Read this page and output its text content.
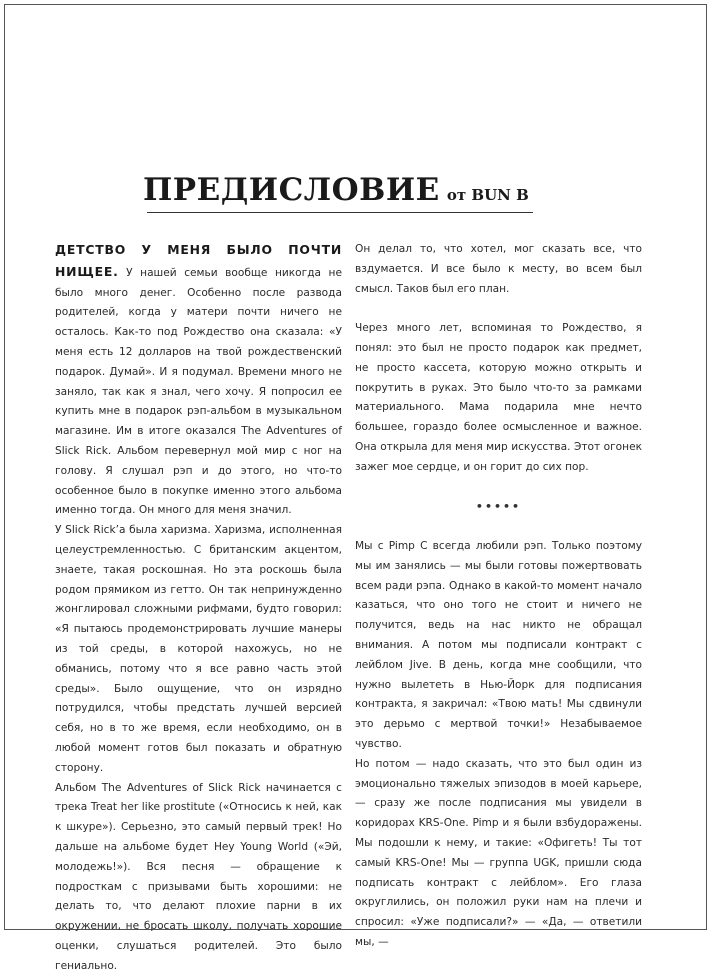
ПРЕДИСЛОВИЕ от BUN B

ДЕТСТВО У МЕНЯ БЫЛО ПОЧТИ НИЩЕЕ. У нашей семьи вообще никогда не было много денег. Особенно после развода родителей, когда у матери почти ничего не осталось. Как-то под Рождество она сказала: «У меня есть 12 долларов на твой рождественский подарок. Думай». И я подумал. Времени много не заняло, так как я знал, чего хочу. Я попросил ее купить мне в подарок рэп-альбом в музыкальном магазине. Им в итоге оказался The Adventures of Slick Rick. Альбом перевернул мой мир с ног на голову. Я слушал рэп и до этого, но что-то особенное было в покупке именно этого альбома именно тогда. Он много для меня значил.

У Slick Rick’а была харизма. Харизма, исполненная целеустремленностью. С британским акцентом, знаете, такая роскошная. Но эта роскошь была родом прямиком из гетто. Он так непринужденно жонглировал сложными рифмами, будто говорил: «Я пытаюсь продемонстрировать лучшие манеры из той среды, в которой нахожусь, но не обманись, потому что я все равно часть этой среды». Было ощущение, что он изрядно потрудился, чтобы предстать лучшей версией себя, но в то же время, если необходимо, он в любой момент готов был показать и обратную сторону.

Альбом The Adventures of Slick Rick начинается с трека Treat her like prostitute («Относись к ней, как к шкуре»). Серьезно, это самый первый трек! Но дальше на альбоме будет Hey Young World («Эй, молодежь!»). Вся песня — обращение к подросткам с призывами быть хорошими: не делать то, что делают плохие парни в их окружении, не бросать школу, получать хорошие оценки, слушаться родителей. Это было гениально.

Он делал то, что хотел, мог сказать все, что вздумается. И все было к месту, во всем был смысл. Таков был его план.

Через много лет, вспоминая то Рождество, я понял: это был не просто подарок как предмет, не просто кассета, которую можно открыть и покрутить в руках. Это было что-то за рамками материального. Мама подарила мне нечто большее, гораздо более осмысленное и важное. Она открыла для меня мир искусства. Этот огонек зажег мое сердце, и он горит до сих пор.

•••••

Мы с Pimp C всегда любили рэп. Только поэтому мы им занялись — мы были готовы пожертвовать всем ради рэпа. Однако в какой-то момент начало казаться, что оно того не стоит и ничего не получится, ведь на нас никто не обращал внимания. А потом мы подписали контракт с лейблом Jive. В день, когда мне сообщили, что нужно вылететь в Нью-Йорк для подписания контракта, я закричал: «Твою мать! Мы сдвинули это дерьмо с мертвой точки!» Незабываемое чувство.

Но потом — надо сказать, что это был один из эмоционально тяжелых эпизодов в моей карьере, — сразу же после подписания мы увидели в коридорах KRS-One. Pimp и я были взбудоражены. Мы подошли к нему, и такие: «Офигеть! Ты тот самый KRS-One! Мы — группа UGK, пришли сюда подписать контракт с лейблом». Его глаза округлились, он положил руки нам на плечи и спросил: «Уже подписали?» — «Да, — ответили мы, —
